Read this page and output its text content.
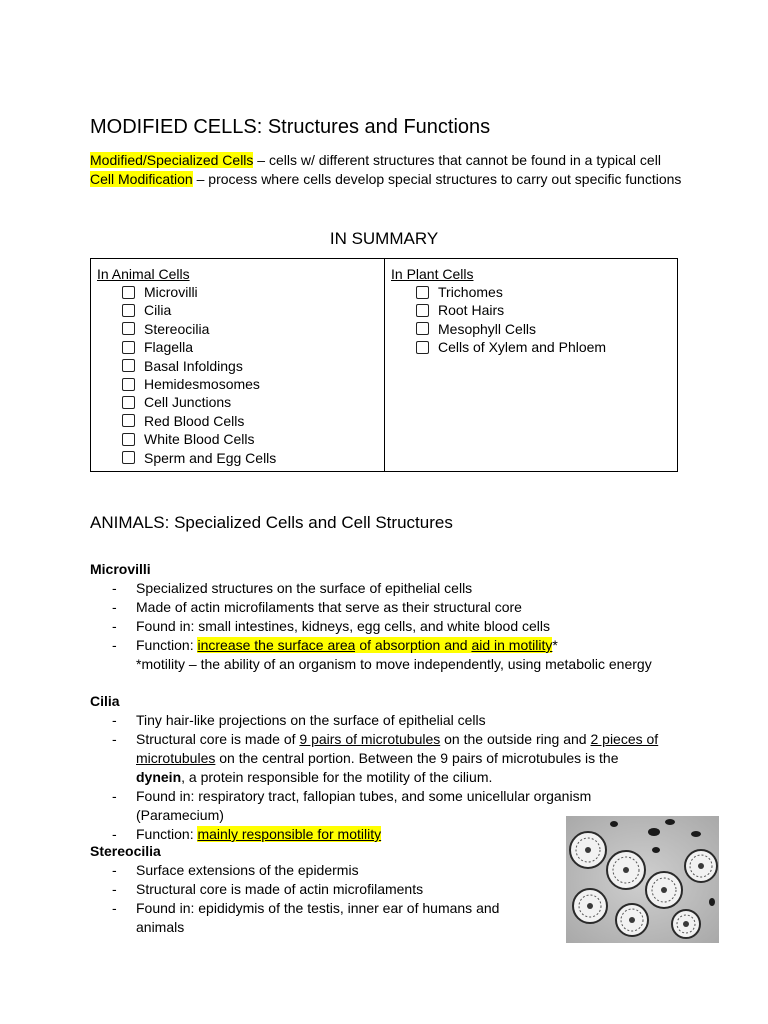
MODIFIED CELLS: Structures and Functions
Modified/Specialized Cells – cells w/ different structures that cannot be found in a typical cell
Cell Modification – process where cells develop special structures to carry out specific functions
IN SUMMARY
In Animal Cells
Microvilli
Cilia
Stereocilia
Flagella
Basal Infoldings
Hemidesmosomes
Cell Junctions
Red Blood Cells
White Blood Cells
Sperm and Egg Cells
In Plant Cells
Trichomes
Root Hairs
Mesophyll Cells
Cells of Xylem and Phloem
ANIMALS: Specialized Cells and Cell Structures
Microvilli
- Specialized structures on the surface of epithelial cells
- Made of actin microfilaments that serve as their structural core
- Found in: small intestines, kidneys, egg cells, and white blood cells
- Function: increase the surface area of absorption and aid in motility*
*motility – the ability of an organism to move independently, using metabolic energy
Cilia
- Tiny hair-like projections on the surface of epithelial cells
- Structural core is made of 9 pairs of microtubules on the outside ring and 2 pieces of microtubules on the central portion. Between the 9 pairs of microtubules is the dynein, a protein responsible for the motility of the cilium.
- Found in: respiratory tract, fallopian tubes, and some unicellular organism (Paramecium)
- Function: mainly responsible for motility
Stereocilia
- Surface extensions of the epidermis
- Structural core is made of actin microfilaments
- Found in: epididymis of the testis, inner ear of humans and animals
